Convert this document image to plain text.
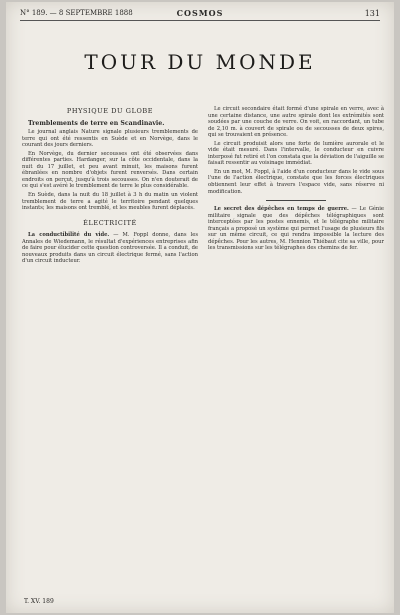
N° 189. — 8 SEPTEMBRE 1888	COSMOS	131
TOUR DU MONDE
PHYSIQUE DU GLOBE
Tremblements de terre en Scandinavie.
Le journal anglais Nature signale plusieurs tremblements de terre qui ont été ressentis en Suède et en Norvège, dans le courant des jours derniers.
En Norvège, du dernier secousses ont été observées dans différentes parties. Hardanger, sur la côte occidentale, dans la nuit du 17 juillet, et peu avant minuit, les maisons furent ébranlées en nombre d'objets furent renversés. Dans certain endroits on perçut, jusqu'à trois secousses. On n'en douterait de ce qui s'est avéré le tremblement de terre le plus considérable.
En Suède, dans la nuit du 18 juillet à 3 h du matin un violent tremblement de terre a agité le territoire pendant quelques instants; les maisons ont tremblé, et les meubles furent déplacés.
ÉLECTRICITÉ
La conductibilité du vide. — M. Foppl donne, dans les Annales de Wiedemann, le résultat d'expériences entreprises afin de faire pour élucider cette question controversée. Il a conduit, de nouveaux produits dans un circuit électrique fermé, sans l'action d'un circuit inducteur.
Le circuit secondaire était formé d'une spirale en verre, avec à une certaine distance, une autre spirale dont les extrémités sont soudées par une couche de verre. On voit, en raccordant, un tube de 2,10 m. à couvert de spirale ou de secousses de deux spires, qui se trouvaient en présence.
Le circuit produisit alors une forte de lumière aurorale et le vide était mesuré. Dans l'intervalle, le conducteur en cuivre interposé fut retiré et l'on constata que la déviation de l'aiguille se faisait ressentir au voisinage immédiat.
En un mot, M. Foppl, à l'aide d'un conducteur dans le vide sous l'une de l'action électrique, constate que les forces électriques obtiennent leur effet à travers l'espace vide, sans réserve ni modification.
Le secret des dépêches en temps de guerre. — Le Génie militaire signale que des dépêches télégraphiques sont interceptées par les postes ennemis, et le télégraphe militaire français a proposé un système qui permet l'usage de plusieurs fils sur un même circuit, ce qui rendra impossible la lecture des dépêches. Pour les autres, M. Hennion Thiébaut cite sa ville, pour les transmissions sur les télégraphes des chemins de fer.
T. XV. 189
